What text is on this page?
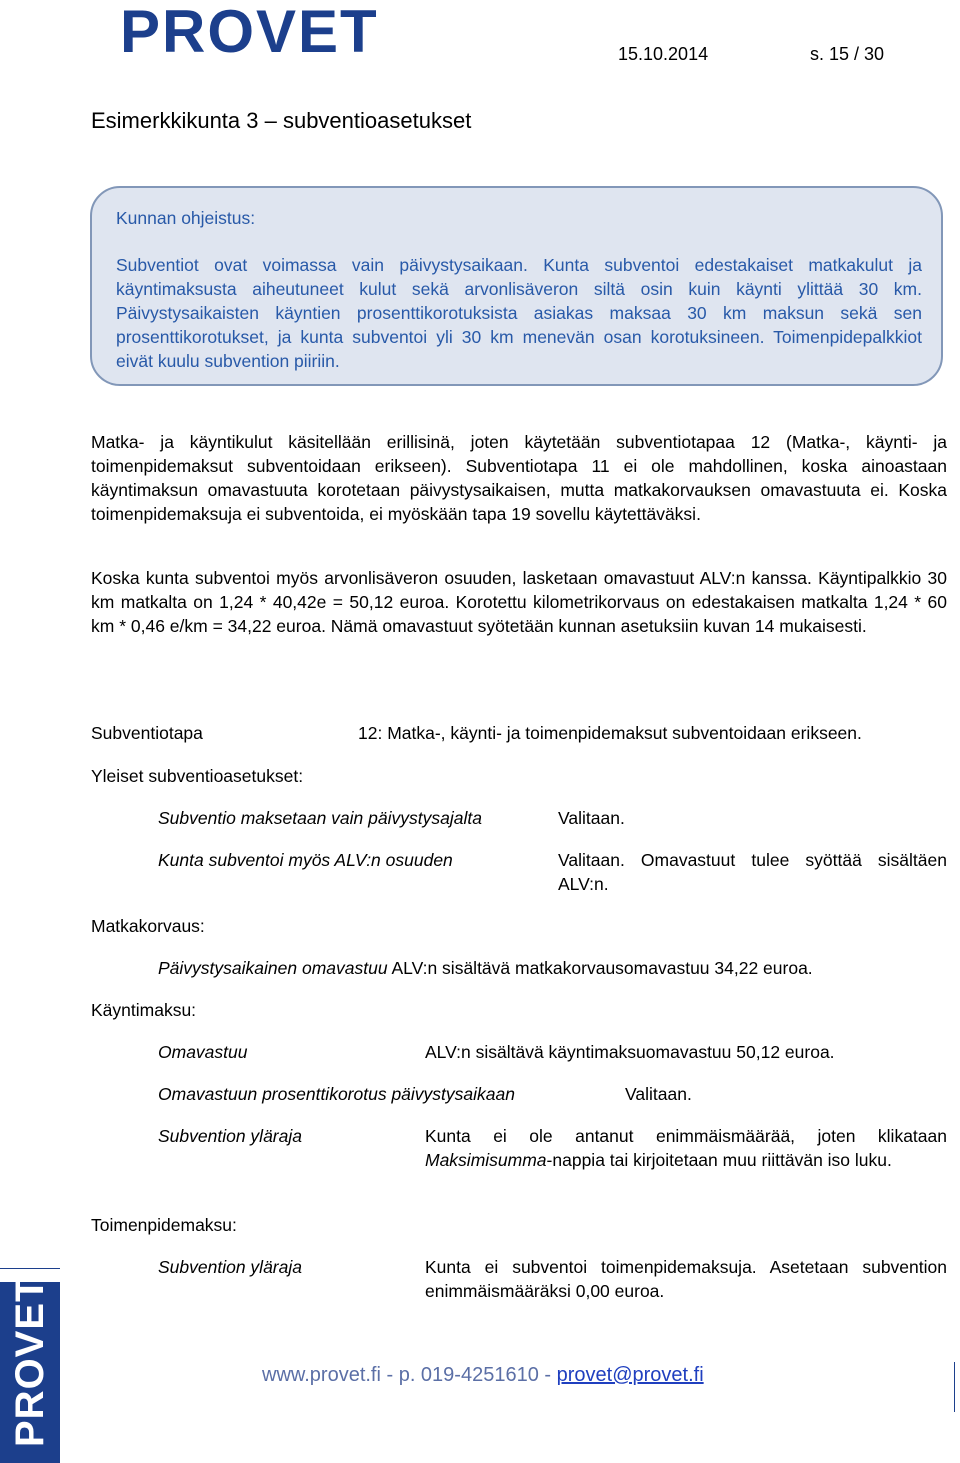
PROVET	15.10.2014	s. 15 / 30
Esimerkkikunta 3 – subventioasetukset
Kunnan ohjeistus:

Subventiot ovat voimassa vain päivystysaikaan. Kunta subventoi edestakaiset matkakulut ja käyntimaksusta aiheutuneet kulut sekä arvonlisäveron siltä osin kuin käynti ylittää 30 km. Päivystysaikaisten käyntien prosenttikorotuksista asiakas maksaa 30 km maksun sekä sen prosenttikorotukset, ja kunta subventoi yli 30 km menevän osan korotuksineen. Toimenpidepalkkiot eivät kuulu subvention piiriin.

Matka- ja käyntikulut käsitellään erillisinä, joten käytetään subventiotapaa 12 (Matka-, käynti- ja toimenpidemaksut subventoidaan erikseen). Subventiotapa 11 ei ole mahdollinen, koska ainoastaan käyntimaksun omavastuuta korotetaan päivystysaikaisen, mutta matkakorvauksen omavastuuta ei. Koska toimenpidemaksuja ei subventoida, ei myöskään tapa 19 sovellu käytettäväksi.

Koska kunta subventoi myös arvonlisäveron osuuden, lasketaan omavastuut ALV:n kanssa. Käyntipalkkio 30 km matkalta on 1,24 * 40,42e = 50,12 euroa. Korotettu kilometrikorvaus on edestakaisen matkalta 1,24 * 60 km * 0,46 e/km = 34,22 euroa. Nämä omavastuut syötetään kunnan asetuksiin kuvan 14 mukaisesti.

Subventiotapa	12: Matka-, käynti- ja toimenpidemaksut subventoidaan erikseen.
Yleiset subventioasetukset:
Subventio maksetaan vain päivystysajalta	Valitaan.
Kunta subventoi myös ALV:n osuuden	Valitaan. Omavastuut tulee syöttää sisältäen ALV:n.
Matkakorvaus:
Päivystysaikainen omavastuu ALV:n sisältävä matkakorvausomavastuu 34,22 euroa.
Käyntimaksu:
Omavastuu	ALV:n sisältävä käyntimaksuomavastuu 50,12 euroa.
Omavastuun prosenttikorotus päivystysaikaan	Valitaan.
Subvention yläraja	Kunta ei ole antanut enimmäismäärää, joten klikataan Maksimisumma-nappia tai kirjoitetaan muu riittävän iso luku.
Toimenpidemaksu:
Subvention yläraja	Kunta ei subventoi toimenpidemaksuja. Asetetaan subvention enimmäismääräksi 0,00 euroa.
PROVET	www.provet.fi - p. 019-4251610 - provet@provet.fi
